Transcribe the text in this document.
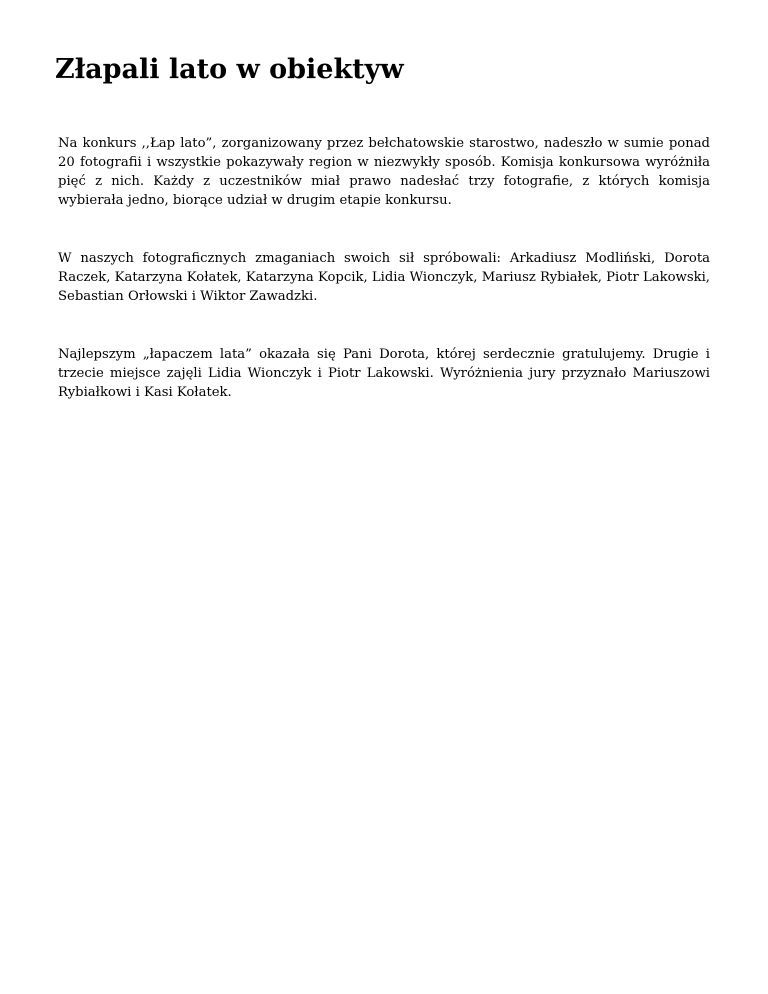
Złapali lato w obiektyw

Na konkurs ,,Łap lato”, zorganizowany przez bełchatowskie starostwo, nadeszło w sumie ponad 20 fotografii i wszystkie pokazywały region w niezwykły sposób. Komisja konkursowa wyróżniła pięć z nich. Każdy z uczestników miał prawo nadesłać trzy fotografie, z których komisja wybierała jedno, biorące udział w drugim etapie konkursu.

W naszych fotograficznych zmaganiach swoich sił spróbowali: Arkadiusz Modliński, Dorota Raczek, Katarzyna Kołatek, Katarzyna Kopcik, Lidia Wionczyk, Mariusz Rybiałek, Piotr Lakowski, Sebastian Orłowski i Wiktor Zawadzki.

Najlepszym „łapaczem lata” okazała się Pani Dorota, której serdecznie gratulujemy. Drugie i trzecie miejsce zajęli Lidia Wionczyk i Piotr Lakowski. Wyróżnienia jury przyznało Mariuszowi Rybiałkowi i Kasi Kołatek.
